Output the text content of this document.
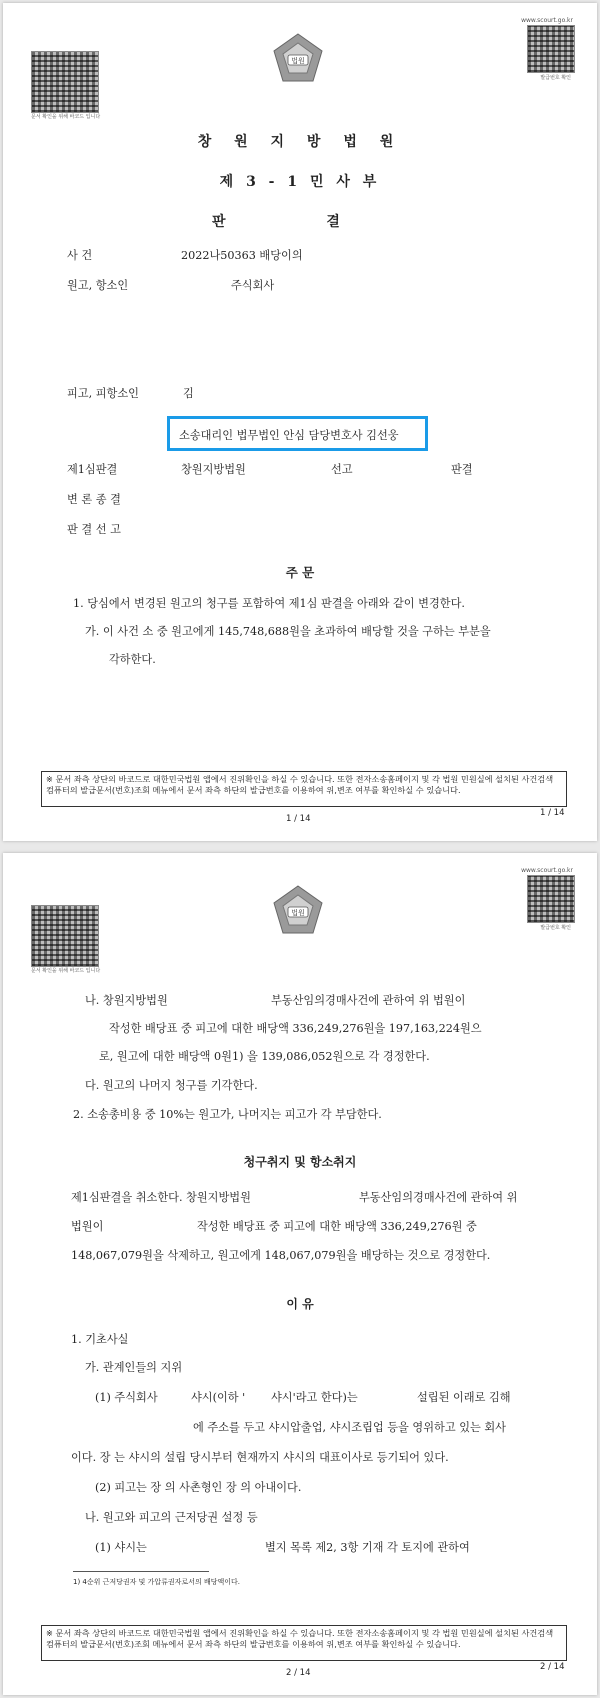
문서 확인을 위해 바코드 입니다
www.scourt.go.kr
발급번호 확인
법원
창 원 지 방 법 원
제 3 - 1 민 사 부
판 결
사 건	2022나50363 배당이의
원고, 항소인	주식회사
피고, 피항소인	김
소송대리인 법무법인 안심 담당변호사 김선웅
제1심판결	창원지방법원	선고	판결
변 론 종 결
판 결 선 고
주 문
1. 당심에서 변경된 원고의 청구를 포함하여 제1심 판결을 아래와 같이 변경한다.
가. 이 사건 소 중 원고에게 145,748,688원을 초과하여 배당할 것을 구하는 부분을
각하한다.
※ 문서 좌측 상단의 바코드로 대한민국법원 앱에서 진위확인을 하실 수 있습니다. 또한 전자소송홈페이지 및 각 법원 민원실에 설치된 사건검색 컴퓨터의 발급문서(번호)조회 메뉴에서 문서 좌측 하단의 발급번호를 이용하여 위,변조 여부를 확인하실 수 있습니다.
1 / 14
1 / 14
문서 확인을 위해 바코드 입니다
www.scourt.go.kr
발급번호 확인
법원
나. 창원지방법원	부동산임의경매사건에 관하여 위 법원이
작성한 배당표 중 피고에 대한 배당액 336,249,276원을 197,163,224원으
로, 원고에 대한 배당액 0원1) 을 139,086,052원으로 각 경정한다.
다. 원고의 나머지 청구를 기각한다.
2. 소송총비용 중 10%는 원고가, 나머지는 피고가 각 부담한다.
청구취지 및 항소취지
제1심판결을 취소한다. 창원지방법원	부동산임의경매사건에 관하여 위
법원이	작성한 배당표 중 피고에 대한 배당액 336,249,276원 중
148,067,079원을 삭제하고, 원고에게 148,067,079원을 배당하는 것으로 경정한다.
이 유
1. 기초사실
가. 관계인들의 지위
(1) 주식회사	샤시(이하 ' 샤시'라고 한다)는	설립된 이래로 김해
에 주소를 두고 샤시압출업, 샤시조립업 등을 영위하고 있는 회사
이다. 장 는 샤시의 설립 당시부터 현재까지 샤시의 대표이사로 등기되어 있다.
(2) 피고는 장 의 사촌형인 장 의 아내이다.
나. 원고와 피고의 근저당권 설정 등
(1) 샤시는	별지 목록 제2, 3항 기재 각 토지에 관하여
1) 4순위 근저당권자 및 가압류권자로서의 배당액이다.
※ 문서 좌측 상단의 바코드로 대한민국법원 앱에서 진위확인을 하실 수 있습니다. 또한 전자소송홈페이지 및 각 법원 민원실에 설치된 사건검색 컴퓨터의 발급문서(번호)조회 메뉴에서 문서 좌측 하단의 발급번호를 이용하여 위,변조 여부를 확인하실 수 있습니다.
2 / 14
2 / 14
